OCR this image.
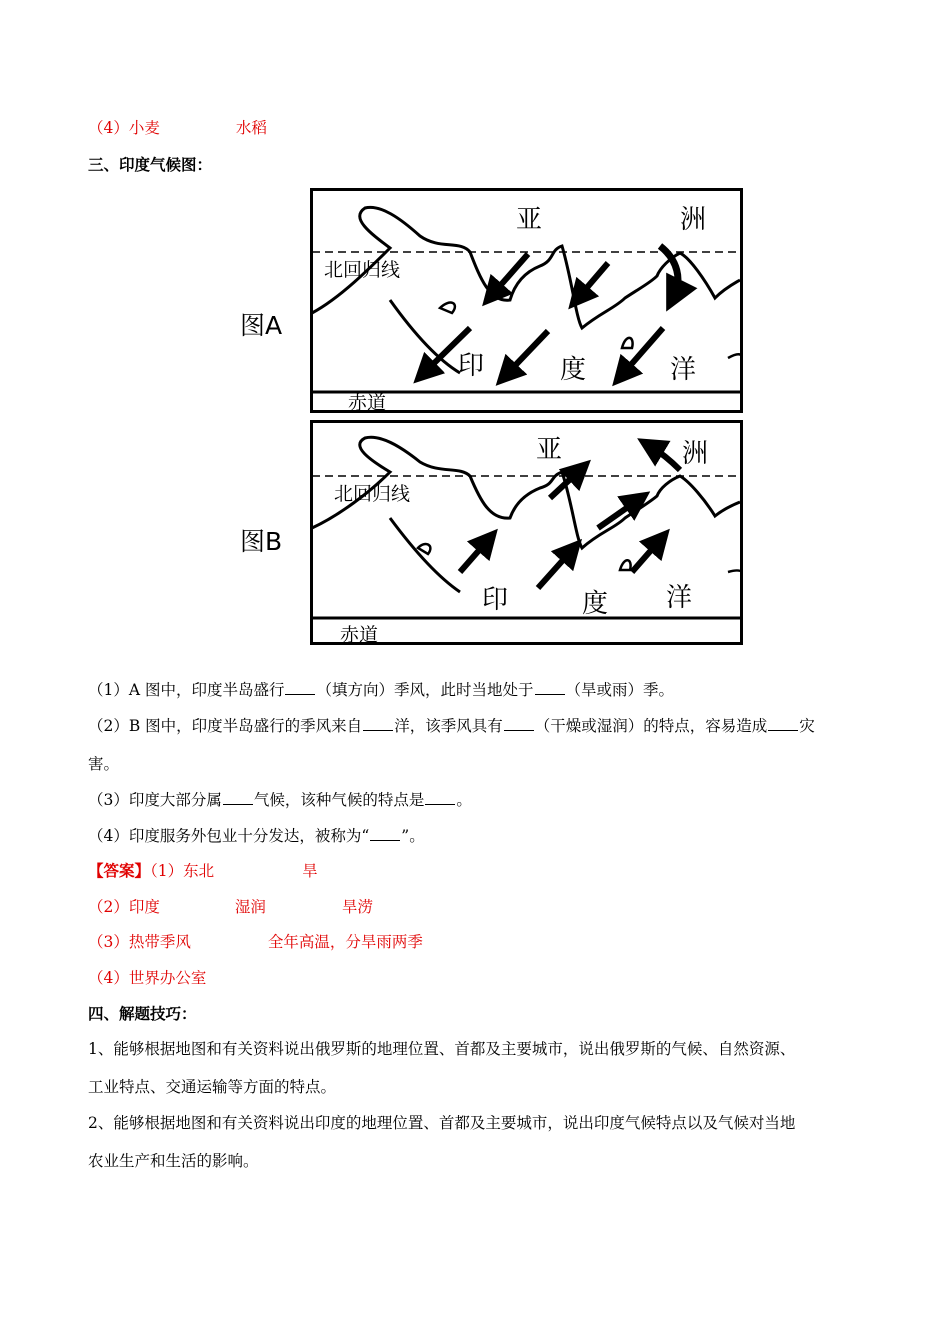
（4）小麦	水稻
三、印度气候图：
图A
图B
亚	洲
北回归线
赤道
印	度	洋
亚	洲
北回归线
赤道
印	度 洋
（1）A 图中，印度半岛盛行 （填方向）季风，此时当地处于 （旱或雨）季。
（2）B 图中，印度半岛盛行的季风来自 洋，该季风具有 （干燥或湿润）的特点，容易造成 灾
害。
（3）印度大部分属 气候，该种气候的特点是 。
（4）印度服务外包业十分发达，被称为“ ”。
【答案】（1）东北	旱
（2）印度	湿润	旱涝
（3）热带季风	全年高温，分旱雨两季
（4）世界办公室
四、解题技巧：
1、能够根据地图和有关资料说出俄罗斯的地理位置、首都及主要城市，说出俄罗斯的气候、自然资源、
工业特点、交通运输等方面的特点。
2、能够根据地图和有关资料说出印度的地理位置、首都及主要城市，说出印度气候特点以及气候对当地
农业生产和生活的影响。
